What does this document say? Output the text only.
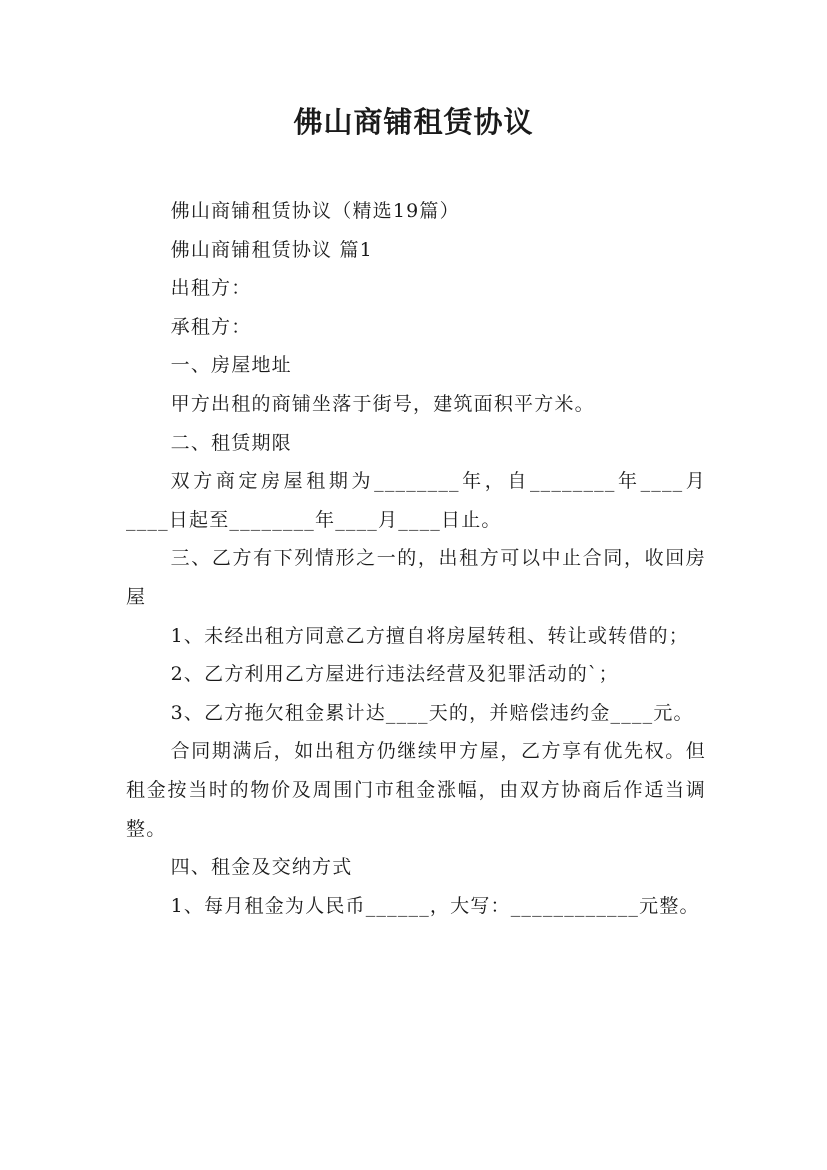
佛山商铺租赁协议

佛山商铺租赁协议（精选19篇）

佛山商铺租赁协议 篇1

出租方：

承租方：

一、房屋地址

甲方出租的商铺坐落于街号，建筑面积平方米。

二、租赁期限

双方商定房屋租期为________年，自________年____月____日起至________年____月____日止。

三、乙方有下列情形之一的，出租方可以中止合同，收回房屋

1、未经出租方同意乙方擅自将房屋转租、转让或转借的；

2、乙方利用乙方屋进行违法经营及犯罪活动的`；

3、乙方拖欠租金累计达____天的，并赔偿违约金____元。

合同期满后，如出租方仍继续甲方屋，乙方享有优先权。但租金按当时的物价及周围门市租金涨幅，由双方协商后作适当调整。

四、租金及交纳方式

1、每月租金为人民币______，大写：____________元整。
